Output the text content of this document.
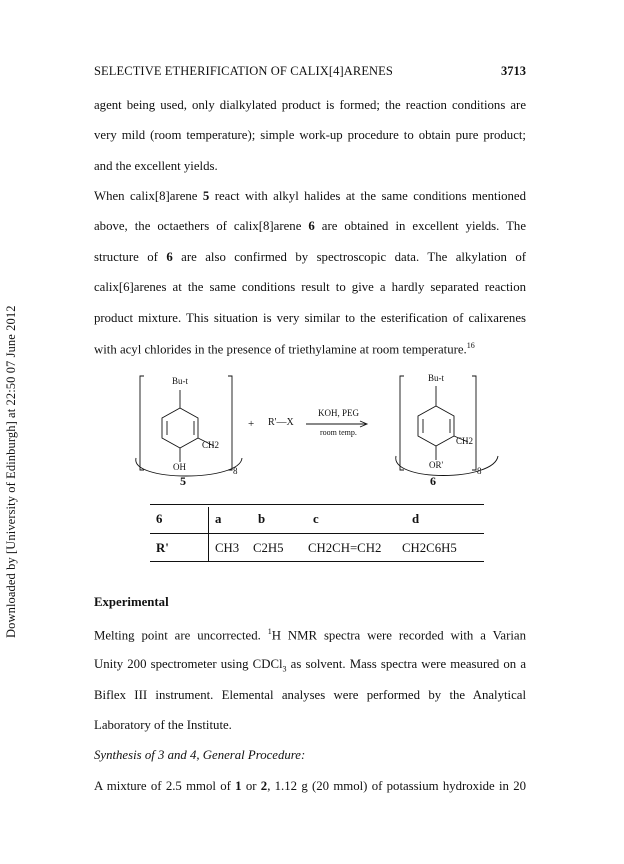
Downloaded by [University of Edinburgh] at 22:50 07 June 2012
SELECTIVE ETHERIFICATION OF CALIX[4]ARENES	3713
agent being used, only dialkylated product is formed; the reaction conditions are
very mild (room temperature); simple work-up procedure to obtain pure product;
and the excellent yields.
When calix[8]arene 5 react with alkyl halides at the same conditions mentioned
above, the octaethers of calix[8]arene 6 are obtained in excellent yields. The
structure of 6 are also confirmed by spectroscopic data. The alkylation of
calix[6]arenes at the same conditions result to give a hardly separated reaction
product mixture. This situation is very similar to the esterification of calixarenes
with acyl chlorides in the presence of triethylamine at room temperature.$^{16}$
Bu-t
CH2
OH	8
+ R'—X
KOH, PEG
room temp.
Bu-t
CH2
OR'
8
5	6
6	a	b	c	d
R'	CH3 C2H5 CH2CH=CH2 CH2C6H5
Experimental
Melting point are uncorrected. $^1$H NMR spectra were recorded with a Varian
Unity 200 spectrometer using CDCl$_3$ as solvent. Mass spectra were measured on a
Biflex III instrument. Elemental analyses were performed by the Analytical
Laboratory of the Institute.
Synthesis of 3 and 4, General Procedure:
A mixture of 2.5 mmol of 1 or 2, 1.12 g (20 mmol) of potassium hydroxide in 20
